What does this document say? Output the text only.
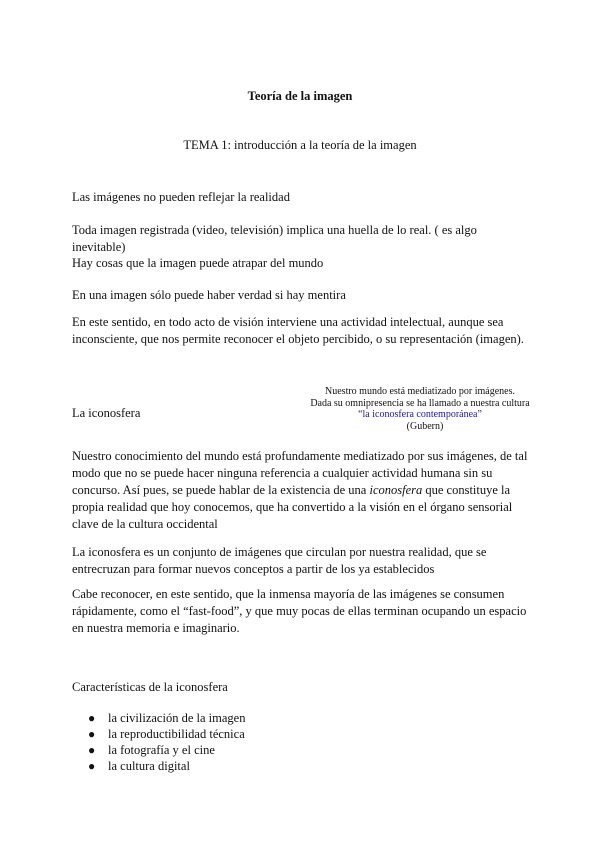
Teoría de la imagen
TEMA 1: introducción a la teoría de la imagen
Las imágenes no pueden reflejar la realidad
Toda imagen registrada (video, televisión) implica una huella de lo real. ( es algo inevitable)
Hay cosas que la imagen puede atrapar del mundo
En una imagen sólo puede haber verdad si hay mentira
En este sentido, en todo acto de visión interviene una actividad intelectual, aunque sea inconsciente, que nos permite reconocer el objeto percibido, o su representación (imagen).
La iconosfera
Nuestro mundo está mediatizado por imágenes.
Dada su omnipresencia se ha llamado a nuestra cultura
“la iconosfera contemporánea”
(Gubern)
Nuestro conocimiento del mundo está profundamente mediatizado por sus imágenes, de tal modo que no se puede hacer ninguna referencia a cualquier actividad humana sin su concurso. Así pues, se puede hablar de la existencia de una iconosfera que constituye la propia realidad que hoy conocemos, que ha convertido a la visión en el órgano sensorial clave de la cultura occidental
La iconosfera es un conjunto de imágenes que circulan por nuestra realidad, que se entrecruzan para formar nuevos conceptos a partir de los ya establecidos
Cabe reconocer, en este sentido, que la inmensa mayoría de las imágenes se consumen rápidamente, como el “fast-food”, y que muy pocas de ellas terminan ocupando un espacio en nuestra memoria e imaginario.
Características de la iconosfera
● la civilización de la imagen
● la reproductibilidad técnica
● la fotografía y el cine
● la cultura digital
